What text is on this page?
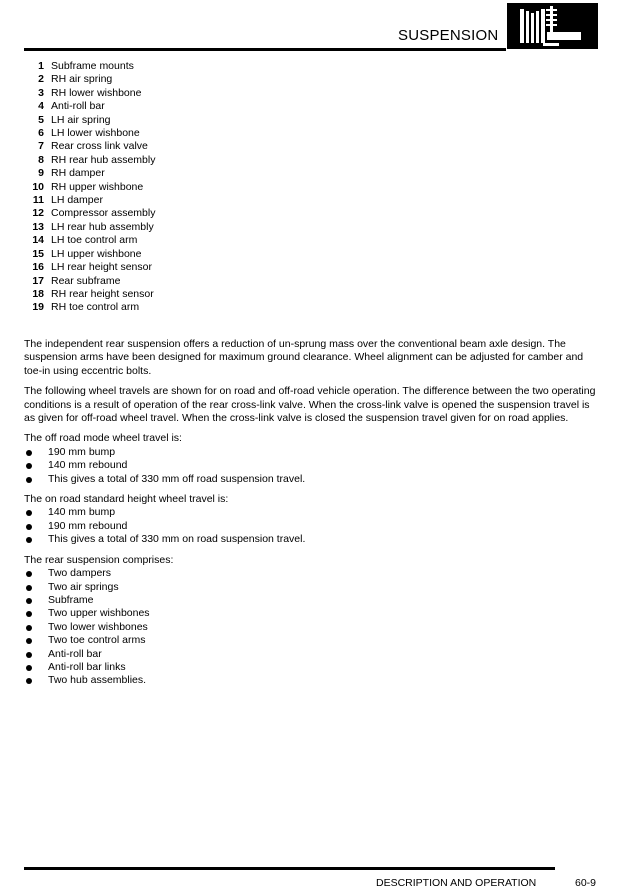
SUSPENSION
1 Subframe mounts
2 RH air spring
3 RH lower wishbone
4 Anti-roll bar
5 LH air spring
6 LH lower wishbone
7 Rear cross link valve
8 RH rear hub assembly
9 RH damper
10 RH upper wishbone
11 LH damper
12 Compressor assembly
13 LH rear hub assembly
14 LH toe control arm
15 LH upper wishbone
16 LH rear height sensor
17 Rear subframe
18 RH rear height sensor
19 RH toe control arm

The independent rear suspension offers a reduction of un-sprung mass over the conventional beam axle design. The suspension arms have been designed for maximum ground clearance. Wheel alignment can be adjusted for camber and toe-in using eccentric bolts.

The following wheel travels are shown for on road and off-road vehicle operation. The difference between the two operating conditions is a result of operation of the rear cross-link valve. When the cross-link valve is opened the suspension travel is as given for off-road wheel travel. When the cross-link valve is closed the suspension travel given for on road applies.

The off road mode wheel travel is:

190 mm bump
140 mm rebound
This gives a total of 330 mm off road suspension travel.

The on road standard height wheel travel is:

140 mm bump
190 mm rebound
This gives a total of 330 mm on road suspension travel.

The rear suspension comprises:

Two dampers
Two air springs
Subframe
Two upper wishbones
Two lower wishbones
Two toe control arms
Anti-roll bar
Anti-roll bar links
Two hub assemblies.
DESCRIPTION AND OPERATION	60-9
